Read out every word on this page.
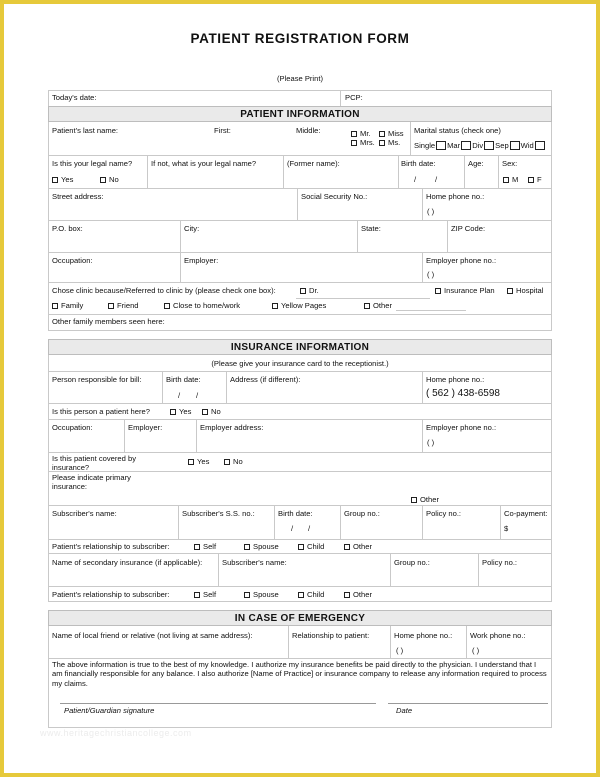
PATIENT REGISTRATION FORM
(Please Print)
Today's date:	PCP:
PATIENT INFORMATION
Patient's last name:	First:	Middle:	Mr.
Mrs.
Miss
Ms.
Marital status (check one)
Single Mar Div Sep Wid
Is this your legal name?
Yes	No
If not, what is your legal name?	(Former name):	Birth date:
/ /
Age: Sex:
M	F
Street address:	Social Security No.:	Home phone no.:
( )
P.O. box:	City:	State:	ZIP Code:
Occupation:	Employer:	Employer phone no.:
( )
Chose clinic because/Referred to clinic by (please check one box):	Dr.	Insurance Plan	Hospital
Family	Friend	Close to home/work	Yellow Pages	Other
Other family members seen here:
INSURANCE INFORMATION
(Please give your insurance card to the receptionist.)
Person responsible for bill:	Birth date:
/ /
Address (if different):	Home phone no.:
( 562 ) 438-6598
Is this person a patient here?	Yes	No
Occupation:	Employer:	Employer address:	Employer phone no.:
( )
Is this patient covered by insurance?
Yes	No
Please indicate primary insurance:
Other
Subscriber's name:	Subscriber's S.S. no.:	Birth date:
/ /
Group no.:	Policy no.:	Co-payment:
$
Patient's relationship to subscriber:	Self	Spouse	Child	Other
Name of secondary insurance (if applicable):	Subscriber's name:	Group no.:	Policy no.:
Patient's relationship to subscriber:	Self	Spouse	Child	Other
IN CASE OF EMERGENCY
Name of local friend or relative (not living at same address):	Relationship to patient:	Home phone no.:
( )
Work phone no.:
( )
The above information is true to the best of my knowledge. I authorize my insurance benefits be paid directly to the physician. I understand that I am financially responsible for any balance. I also authorize [Name of Practice] or insurance company to release any information required to process my claims.
Patient/Guardian signature	Date
www.heritagechristiancollege.com
